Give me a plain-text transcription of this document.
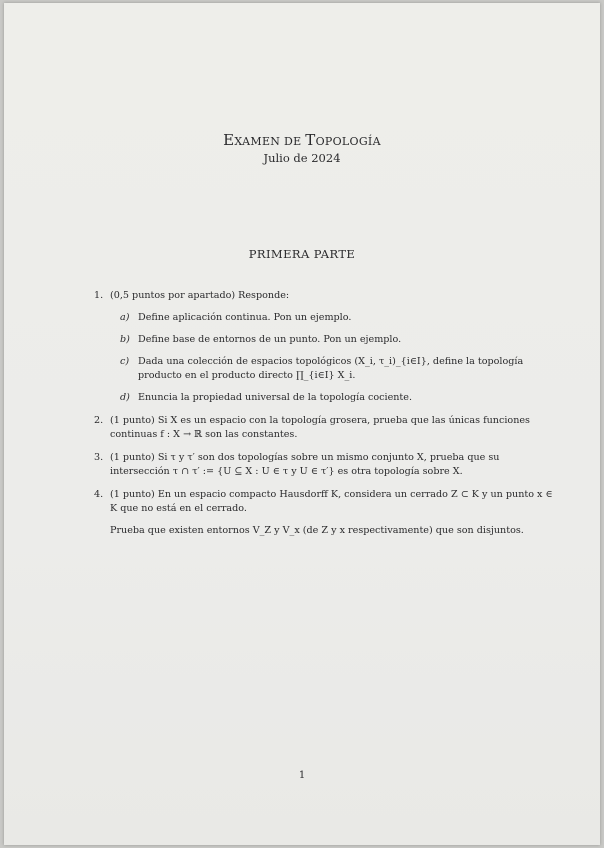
EXAMEN DE TOPOLOGÍA
Julio de 2024
PRIMERA PARTE
1. (0,5 puntos por apartado) Responde:
a) Define aplicación continua. Pon un ejemplo.
b) Define base de entornos de un punto. Pon un ejemplo.
c) Dada una colección de espacios topológicos (X_i, τ_i)_{i∈I}, define la topología producto en el producto directo ∏_{i∈I} X_i.
d) Enuncia la propiedad universal de la topología cociente.
2. (1 punto) Si X es un espacio con la topología grosera, prueba que las únicas funciones continuas f : X → ℝ son las constantes.
3. (1 punto) Si τ y τ′ son dos topologías sobre un mismo conjunto X, prueba que su intersección τ ∩ τ′ := {U ⊆ X : U ∈ τ y U ∈ τ′} es otra topología sobre X.
4. (1 punto) En un espacio compacto Hausdorff K, considera un cerrado Z ⊂ K y un punto x ∈ K que no está en el cerrado.
Prueba que existen entornos V_Z y V_x (de Z y x respectivamente) que son disjuntos.
1
